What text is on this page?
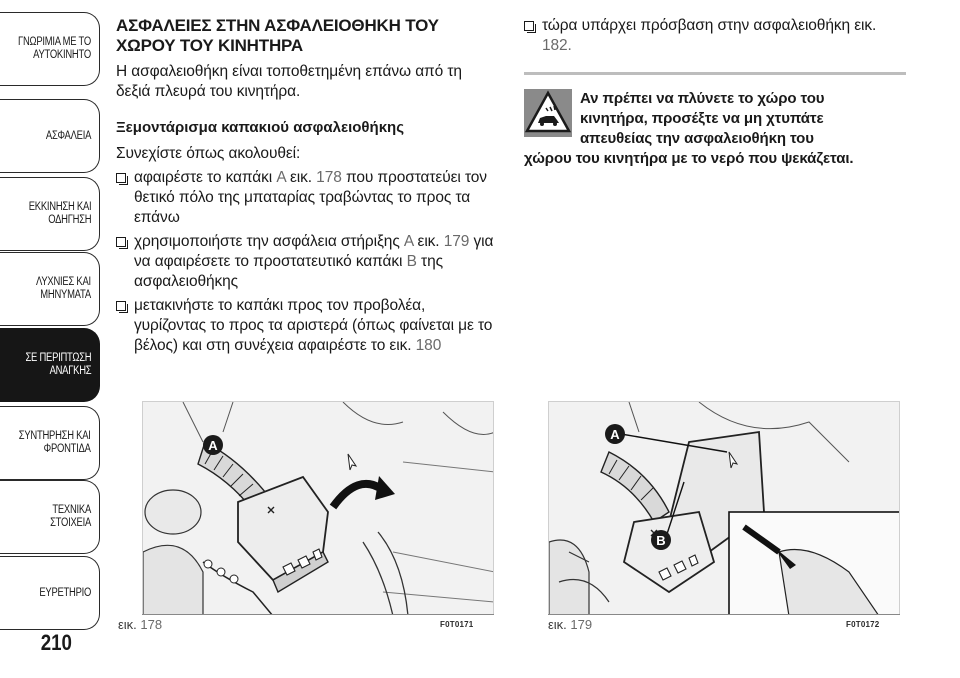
ΓΝΩΡΙΜΙΑ ΜΕ ΤΟ
ΑΥΤΟΚΙΝΗΤΟ
ΑΣΦΑΛΕΙΑ
ΕΚΚΙΝΗΣΗ ΚΑΙ
ΟΔΗΓΗΣΗ
ΛΥΧΝΙΕΣ ΚΑΙ
ΜΗΝΥΜΑΤΑ
ΣΕ ΠΕΡΙΠΤΩΣΗ
ΑΝΑΓΚΗΣ
ΣΥΝΤΗΡΗΣΗ ΚΑΙ
ΦΡΟΝΤΙΔΑ
ΤΕΧΝΙΚΑ ΣΤΟΙΧΕΙΑ
ΕΥΡΕΤΗΡΙΟ
210
ΑΣΦΑΛΕΙΕΣ ΣΤΗΝ ΑΣΦΑΛΕΙΟΘΗΚΗ ΤΟΥ
ΧΩΡΟΥ ΤΟΥ ΚΙΝΗΤΗΡΑ

Η ασφαλειοθήκη είναι τοποθετημένη επάνω από τη δεξιά πλευρά του κινητήρα.

Ξεμοντάρισμα καπακιού ασφαλειοθήκης

Συνεχίστε όπως ακολουθεί:

αφαιρέστε το καπάκι A εικ. 178 που προστατεύει τον θετικό πόλο της μπαταρίας τραβώντας το προς τα επάνω
χρησιμοποιήστε την ασφάλεια στήριξης A εικ. 179 για να αφαιρέσετε το προστατευτικό καπάκι B της ασφαλειοθήκης
μετακινήστε το καπάκι προς τον προβολέα, γυρίζοντας το προς τα αριστερά (όπως φαίνεται με το βέλος) και στη συνέχεια αφαιρέστε το εικ. 180
τώρα υπάρχει πρόσβαση στην ασφαλειοθήκη εικ. 182.
Αν πρέπει να πλύνετε το χώρο του
κινητήρα, προσέξτε να μη χτυπάτε
απευθείας την ασφαλειοθήκη του
χώρου του κινητήρα με το νερό που ψεκάζεται.
A
εικ. 178	F0T0171
A
B
εικ. 179	F0T0172
